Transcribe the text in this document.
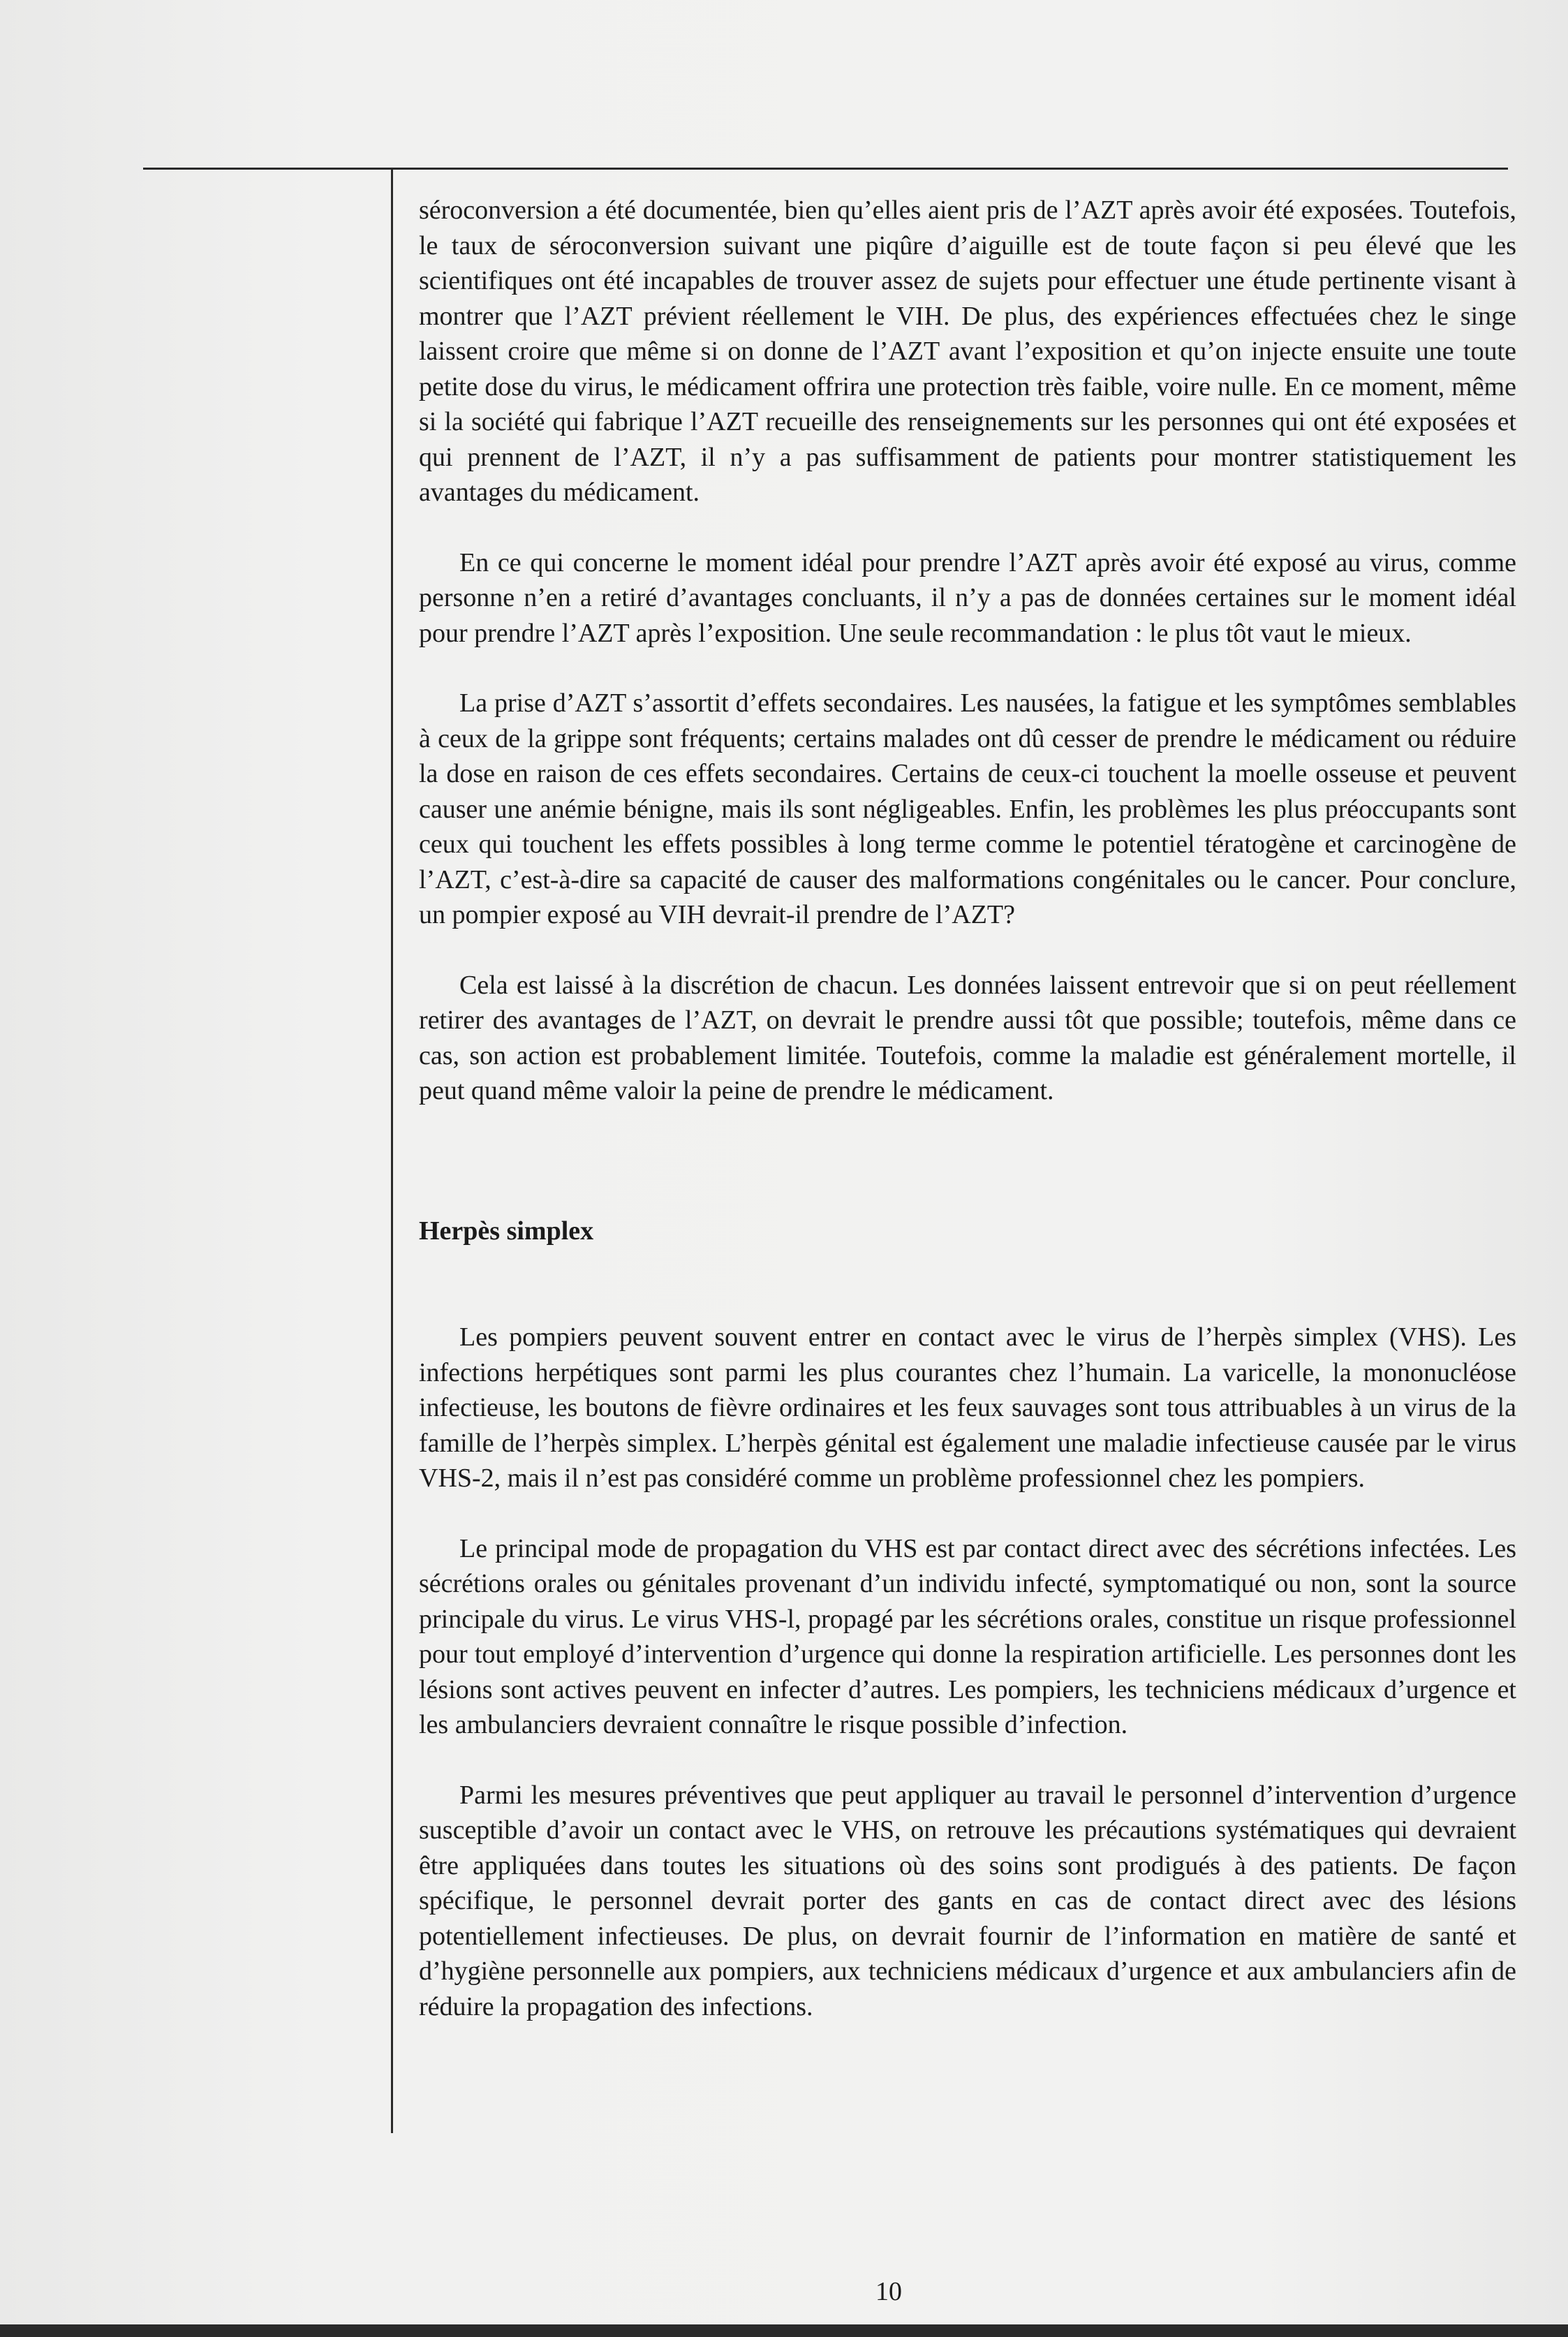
séroconversion a été documentée, bien qu’elles aient pris de l’AZT après avoir été exposées. Toutefois, le taux de séroconversion suivant une piqûre d’aiguille est de toute façon si peu élevé que les scientifiques ont été incapables de trouver assez de sujets pour effectuer une étude pertinente visant à montrer que l’AZT prévient réellement le VIH. De plus, des expériences effectuées chez le singe laissent croire que même si on donne de l’AZT avant l’exposition et qu’on injecte ensuite une toute petite dose du virus, le médicament offrira une protection très faible, voire nulle. En ce moment, même si la société qui fabrique l’AZT recueille des renseignements sur les personnes qui ont été exposées et qui prennent de l’AZT, il n’y a pas suffisamment de patients pour montrer statistiquement les avantages du médicament.

En ce qui concerne le moment idéal pour prendre l’AZT après avoir été exposé au virus, comme personne n’en a retiré d’avantages concluants, il n’y a pas de données certaines sur le moment idéal pour prendre l’AZT après l’exposition. Une seule recommandation : le plus tôt vaut le mieux.

La prise d’AZT s’assortit d’effets secondaires. Les nausées, la fatigue et les symptômes semblables à ceux de la grippe sont fréquents; certains malades ont dû cesser de prendre le médicament ou réduire la dose en raison de ces effets secondaires. Certains de ceux-ci touchent la moelle osseuse et peuvent causer une anémie bénigne, mais ils sont négligeables. Enfin, les problèmes les plus préoccupants sont ceux qui touchent les effets possibles à long terme comme le potentiel tératogène et carcinogène de l’AZT, c’est-à-dire sa capacité de causer des malformations congénitales ou le cancer. Pour conclure, un pompier exposé au VIH devrait-il prendre de l’AZT?

Cela est laissé à la discrétion de chacun. Les données laissent entrevoir que si on peut réellement retirer des avantages de l’AZT, on devrait le prendre aussi tôt que possible; toutefois, même dans ce cas, son action est probablement limitée. Toutefois, comme la maladie est généralement mortelle, il peut quand même valoir la peine de prendre le médicament.

Herpès simplex

Les pompiers peuvent souvent entrer en contact avec le virus de l’herpès simplex (VHS). Les infections herpétiques sont parmi les plus courantes chez l’humain. La varicelle, la mononucléose infectieuse, les boutons de fièvre ordinaires et les feux sauvages sont tous attribuables à un virus de la famille de l’herpès simplex. L’herpès génital est également une maladie infectieuse causée par le virus VHS-2, mais il n’est pas considéré comme un problème professionnel chez les pompiers.

Le principal mode de propagation du VHS est par contact direct avec des sécrétions infectées. Les sécrétions orales ou génitales provenant d’un individu infecté, symptomatiqué ou non, sont la source principale du virus. Le virus VHS-l, propagé par les sécrétions orales, constitue un risque professionnel pour tout employé d’intervention d’urgence qui donne la respiration artificielle. Les personnes dont les lésions sont actives peuvent en infecter d’autres. Les pompiers, les techniciens médicaux d’urgence et les ambulanciers devraient connaître le risque possible d’infection.

Parmi les mesures préventives que peut appliquer au travail le personnel d’intervention d’urgence susceptible d’avoir un contact avec le VHS, on retrouve les précautions systématiques qui devraient être appliquées dans toutes les situations où des soins sont prodigués à des patients. De façon spécifique, le personnel devrait porter des gants en cas de contact direct avec des lésions potentiellement infectieuses. De plus, on devrait fournir de l’information en matière de santé et d’hygiène personnelle aux pompiers, aux techniciens médicaux d’urgence et aux ambulanciers afin de réduire la propagation des infections.

10
